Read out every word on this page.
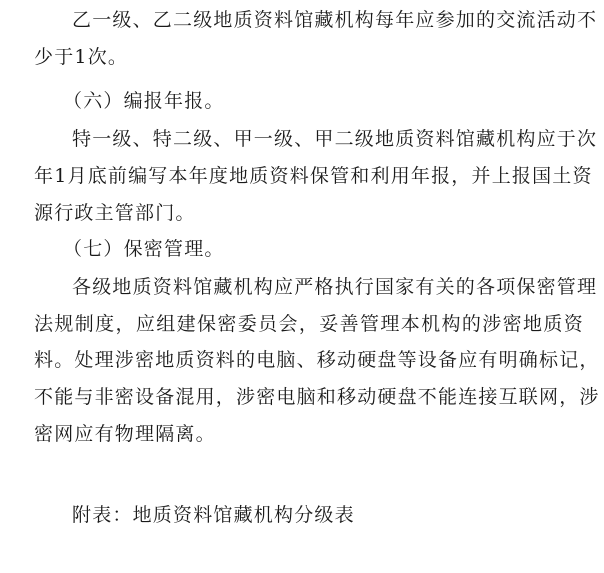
乙一级、乙二级地质资料馆藏机构每年应参加的交流活动不
少于1次。
（六）编报年报。
特一级、特二级、甲一级、甲二级地质资料馆藏机构应于次
年1月底前编写本年度地质资料保管和利用年报，并上报国土资
源行政主管部门。
（七）保密管理。
各级地质资料馆藏机构应严格执行国家有关的各项保密管理
法规制度，应组建保密委员会，妥善管理本机构的涉密地质资
料。处理涉密地质资料的电脑、移动硬盘等设备应有明确标记，
不能与非密设备混用，涉密电脑和移动硬盘不能连接互联网，涉
密网应有物理隔离。
附表：地质资料馆藏机构分级表
